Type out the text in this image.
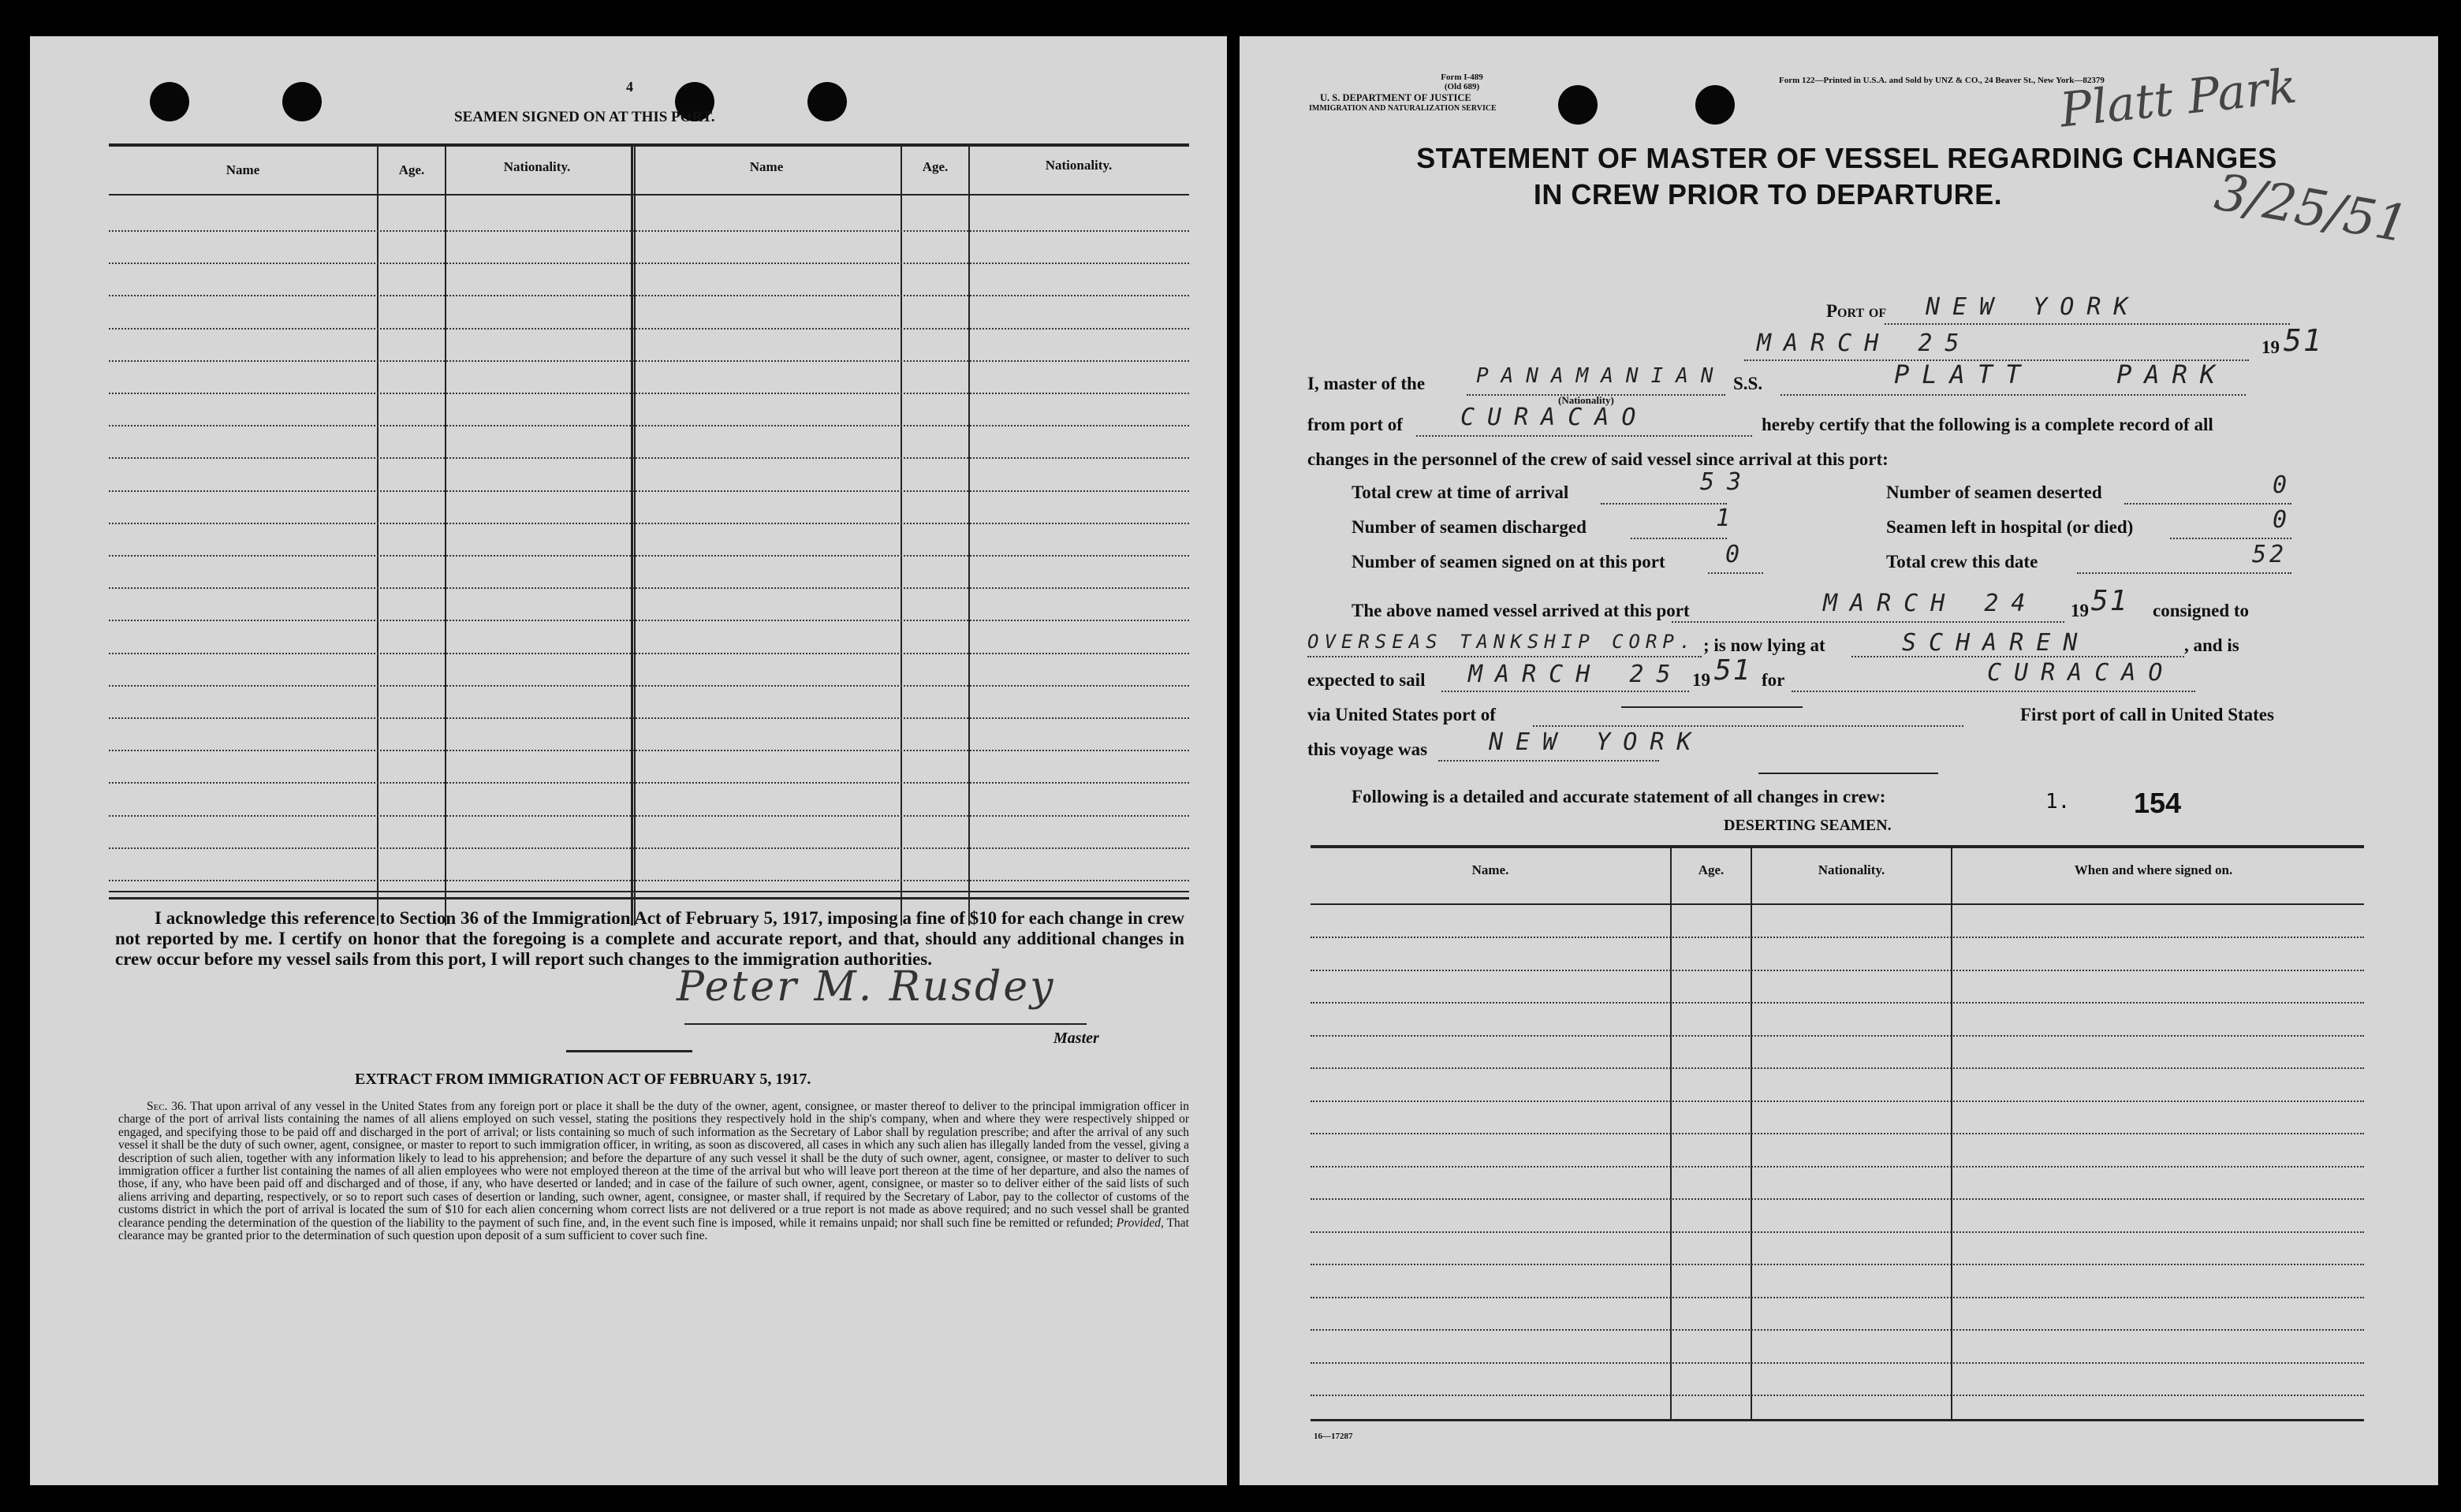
4
SEAMEN SIGNED ON AT THIS PORT.
Name	Age.	Nationality.	Name	Age.	Nationality.
I acknowledge this reference to Section 36 of the Immigration Act of February 5, 1917, imposing a fine of $10 for each change in crew not reported by me. I certify on honor that the foregoing is a complete and accurate report, and that, should any additional changes in crew occur before my vessel sails from this port, I will report such changes to the immigration authorities.
Peter M. Rusdey
Master
EXTRACT FROM IMMIGRATION ACT OF FEBRUARY 5, 1917.
Sec. 36. That upon arrival of any vessel in the United States from any foreign port or place it shall be the duty of the owner, agent, consignee, or master thereof to deliver to the principal immigration officer in charge of the port of arrival lists containing the names of all aliens employed on such vessel, stating the positions they respectively hold in the ship's company, when and where they were respectively shipped or engaged, and specifying those to be paid off and discharged in the port of arrival; or lists containing so much of such information as the Secretary of Labor shall by regulation prescribe; and after the arrival of any such vessel it shall be the duty of such owner, agent, consignee, or master to report to such immigration officer, in writing, as soon as discovered, all cases in which any such alien has illegally landed from the vessel, giving a description of such alien, together with any information likely to lead to his apprehension; and before the departure of any such vessel it shall be the duty of such owner, agent, consignee, or master to deliver to such immigration officer a further list containing the names of all alien employees who were not employed thereon at the time of the arrival but who will leave port thereon at the time of her departure, and also the names of those, if any, who have been paid off and discharged and of those, if any, who have deserted or landed; and in case of the failure of such owner, agent, consignee, or master so to deliver either of the said lists of such aliens arriving and departing, respectively, or so to report such cases of desertion or landing, such owner, agent, consignee, or master shall, if required by the Secretary of Labor, pay to the collector of customs of the customs district in which the port of arrival is located the sum of $10 for each alien concerning whom correct lists are not delivered or a true report is not made as above required; and no such vessel shall be granted clearance pending the determination of the question of the liability to the payment of such fine, and, in the event such fine is imposed, while it remains unpaid; nor shall such fine be remitted or refunded; Provided, That clearance may be granted prior to the determination of such question upon deposit of a sum sufficient to cover such fine.
Form I-489
(Old 689)
U. S. DEPARTMENT OF JUSTICE
IMMIGRATION AND NATURALIZATION SERVICE
Form 122—Printed in U.S.A. and Sold by UNZ & CO., 24 Beaver St., New York—82379
Platt Park
3/25/51
STATEMENT OF MASTER OF VESSEL REGARDING CHANGES
IN CREW PRIOR TO DEPARTURE.
Port of NEW YORK
MARCH 25	19 51
I, master of the PANAMANIAN
(Nationality)
S.S.	PLATT   PARK
from port of CURACAO	hereby certify that the following is a complete record of all
changes in the personnel of the crew of said vessel since arrival at this port:
Total crew at time of arrival	53	Number of seamen deserted	0
Number of seamen discharged	1	Seamen left in hospital (or died)	0
Number of seamen signed on at this port	0	Total crew this date	52
The above named vessel arrived at this port	MARCH 24 19 51 consigned to
OVERSEAS TANKSHIP CORP. ; is now lying at	SCHAREN	, and is
expected to sail MARCH 25 19 51 for	CURACAO
via United States port of	First port of call in United States
this voyage was	NEW YORK
1. 154
Following is a detailed and accurate statement of all changes in crew:
DESERTING SEAMEN.
Name.	Age.	Nationality.	When and where signed on.
16—17287
